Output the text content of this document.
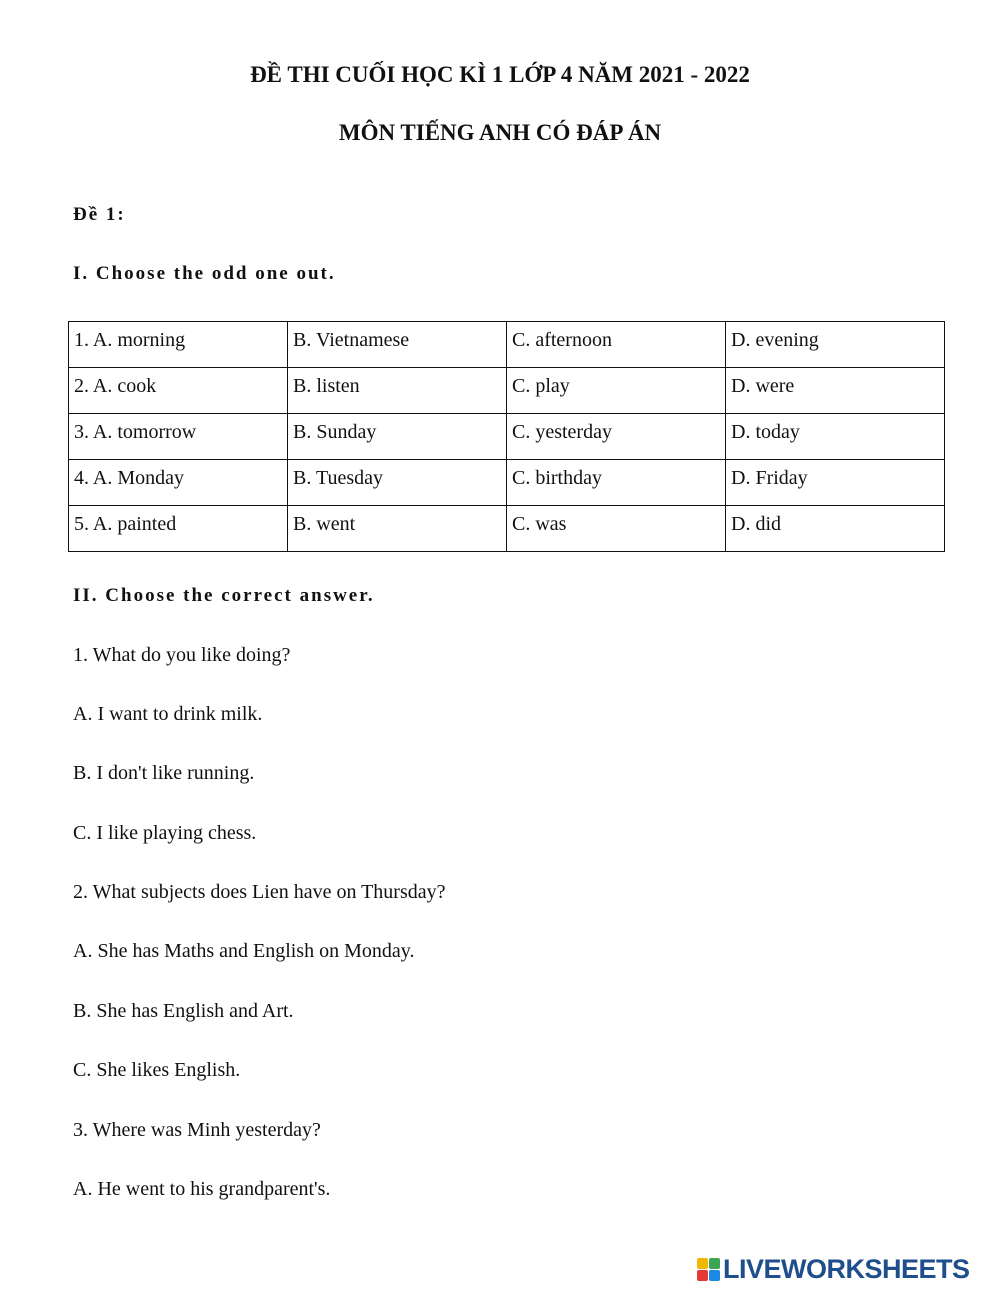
ĐỀ THI CUỐI HỌC KÌ 1 LỚP 4 NĂM 2021 - 2022
MÔN TIẾNG ANH CÓ ĐÁP ÁN

Đề 1:

I. Choose the odd one out.

1. A. morning	B. Vietnamese	C. afternoon	D. evening
2. A. cook	B. listen	C. play	D. were
3. A. tomorrow	B. Sunday	C. yesterday	D. today
4. A. Monday	B. Tuesday	C. birthday	D. Friday
5. A. painted	B. went	C. was	D. did

II. Choose the correct answer.

1. What do you like doing?

A. I want to drink milk.

B. I don't like running.

C. I like playing chess.

2. What subjects does Lien have on Thursday?

A. She has Maths and English on Monday.

B. She has English and Art.

C. She likes English.

3. Where was Minh yesterday?

A. He went to his grandparent's.

LIVEWORKSHEETS
